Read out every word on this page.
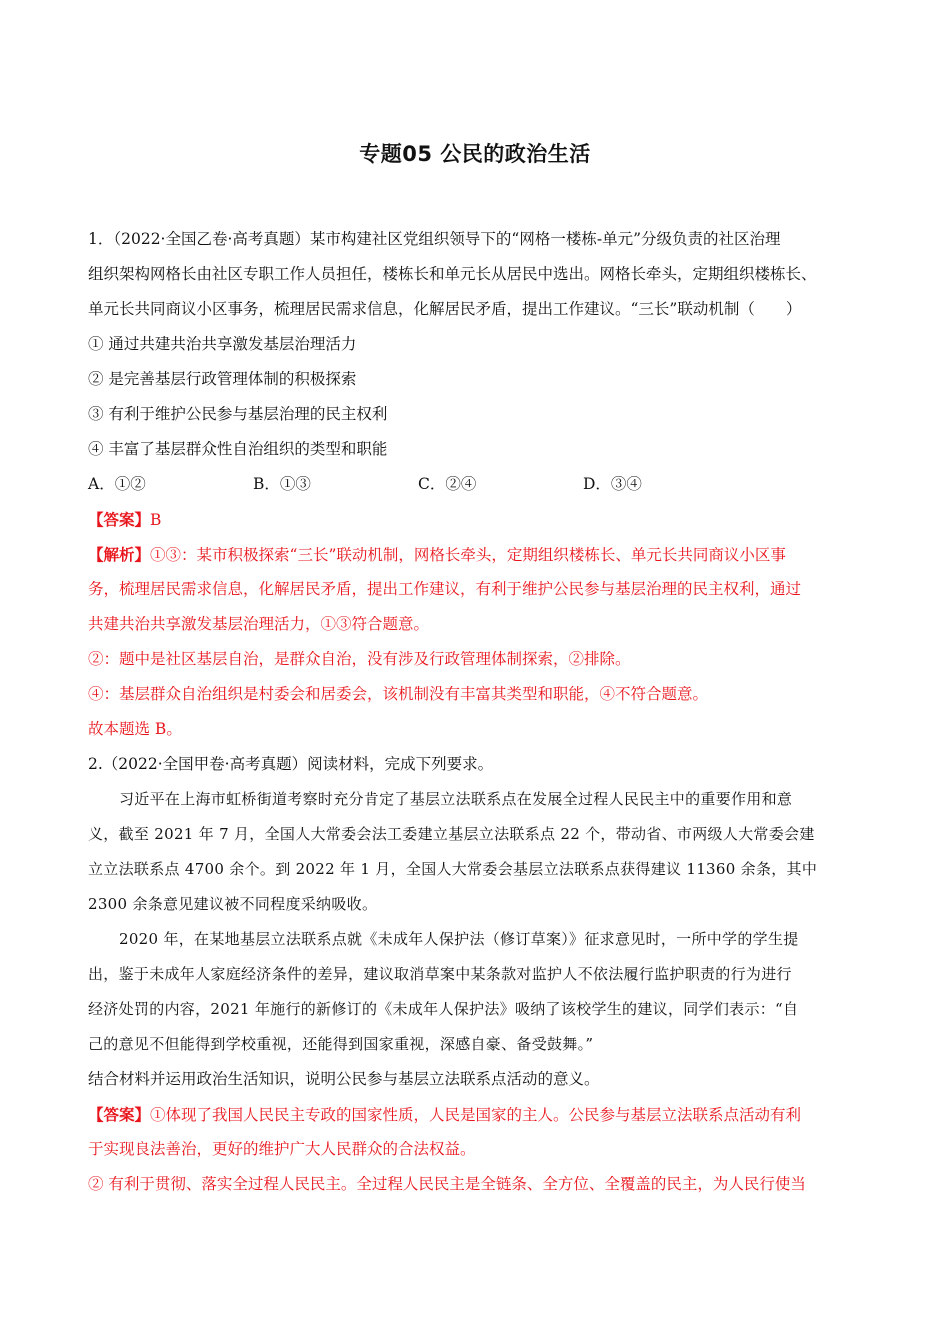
专题05 公民的政治生活
1．（2022·全国乙卷·高考真题）某市构建社区党组织领导下的“网格一楼栋-单元”分级负责的社区治理
组织架构网格长由社区专职工作人员担任，楼栋长和单元长从居民中选出。网格长牵头，定期组织楼栋长、
单元长共同商议小区事务，梳理居民需求信息，化解居民矛盾，提出工作建议。“三长”联动机制（　　）
① 通过共建共治共享激发基层治理活力
② 是完善基层行政管理体制的积极探索
③ 有利于维护公民参与基层治理的民主权利
④ 丰富了基层群众性自治组织的类型和职能
A．①②	B．①③	C．②④	D．③④
【答案】B
【解析】①③：某市积极探索“三长”联动机制，网格长牵头，定期组织楼栋长、单元长共同商议小区事
务，梳理居民需求信息，化解居民矛盾，提出工作建议，有利于维护公民参与基层治理的民主权利，通过
共建共治共享激发基层治理活力，①③符合题意。
②：题中是社区基层自治，是群众自治，没有涉及行政管理体制探索，②排除。
④：基层群众自治组织是村委会和居委会，该机制没有丰富其类型和职能，④不符合题意。
故本题选 B。
2.（2022·全国甲卷·高考真题）阅读材料，完成下列要求。
习近平在上海市虹桥街道考察时充分肯定了基层立法联系点在发展全过程人民民主中的重要作用和意
义，截至 2021 年 7 月，全国人大常委会法工委建立基层立法联系点 22 个，带动省、市两级人大常委会建
立立法联系点 4700 余个。到 2022 年 1 月，全国人大常委会基层立法联系点获得建议 11360 余条，其中
2300 余条意见建议被不同程度采纳吸收。
2020 年，在某地基层立法联系点就《未成年人保护法（修订草案）》征求意见时，一所中学的学生提
出，鉴于未成年人家庭经济条件的差异，建议取消草案中某条款对监护人不依法履行监护职责的行为进行
经济处罚的内容，2021 年施行的新修订的《未成年人保护法》吸纳了该校学生的建议，同学们表示：“自
己的意见不但能得到学校重视，还能得到国家重视，深感自豪、备受鼓舞。”
结合材料并运用政治生活知识，说明公民参与基层立法联系点活动的意义。
【答案】①体现了我国人民民主专政的国家性质，人民是国家的主人。公民参与基层立法联系点活动有利
于实现良法善治，更好的维护广大人民群众的合法权益。
② 有利于贯彻、落实全过程人民民主。全过程人民民主是全链条、全方位、全覆盖的民主，为人民行使当
